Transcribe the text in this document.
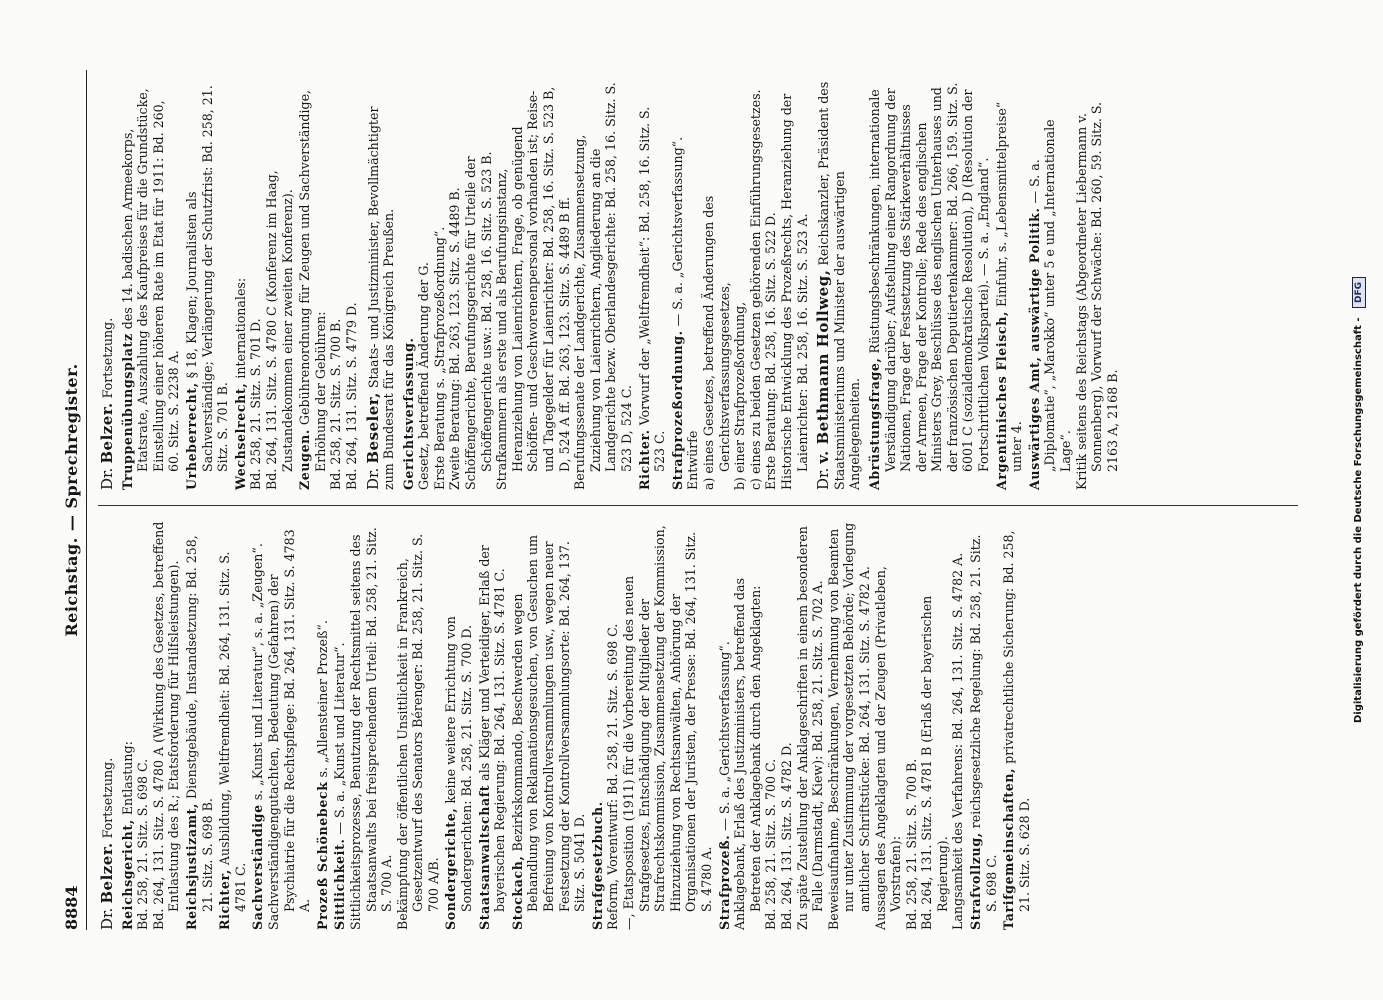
8884
Reichstag. — Sprechregister.
Dr. Belzer. Fortsetzung.
Reichsgericht, Entlastung: Bd. 258, 21. Sitz. S. 698 C. Bd. 264, 131. Sitz. S. 4780 A (Wirkung des Gesetzes, betreffend Entlastung des R.; Etatsforderung für Hilfsleistungen). Reichsjustizamt, Dienstgebäude, Instandsetzung: Bd. 258, 21. Sitz. S. 698 B. Richter, Ausbildung, Weltfremdheit: Bd. 264, 131. Sitz. S. 4781 C. Sachverständige s. „Kunst und Literatur“, s. a. „Zeugen“. Sachverständigengutachten, Bedeutung (Gefahren) der Psychiatrie für die Rechtspflege: Bd. 264, 131. Sitz. S. 4783 A. Prozeß Schönebeck s. „Allensteiner Prozeß“.
Sittlichkeit. — S. a. „Kunst und Literatur“. Sittlichkeitsprozesse, Benutzung der Rechtsmittel seitens des Staatsanwalts bei freisprechendem Urteil: Bd. 258, 21. Sitz. S. 700 A. Bekämpfung der öffentlichen Unsittlichkeit in Frankreich, Gesetzentwurf des Senators Bérenger: Bd. 258, 21. Sitz. S. 700 A/B. Sondergerichte, keine weitere Errichtung von Sondergerichten: Bd. 258, 21. Sitz. S. 700 D. Staatsanwaltschaft als Kläger und Verteidiger, Erlaß der bayerischen Regierung: Bd. 264, 131. Sitz. S. 4781 C. Stockach, Bezirkskommando, Beschwerden wegen Behandlung von Reklamationsgesuchen, von Gesuchen um Befreiung von Kontrollversammlungen usw., wegen neuer Festsetzung der Kontrollversammlungsorte: Bd. 264, 137. Sitz. S. 5041 D. Strafgesetzbuch. Reform, Vorentwurf: Bd. 258, 21. Sitz. S. 698 C. —, Etatsposition (1911) für die Vorbereitung des neuen Strafgesetzes, Entschädigung der Mitglieder der Strafrechtskommission, Zusammensetzung der Kommission, Hinzuziehung von Rechtsanwälten, Anhörung der Organisationen der Juristen, der Presse: Bd. 264, 131. Sitz. S. 4780 A. Strafprozeß. — S. a. „Gerichtsverfassung“. Anklagebank, Erlaß des Justizministers, betreffend das Betreten der Anklagebank durch den Angeklagten: Bd. 258, 21. Sitz. S. 700 C. Bd. 264, 131. Sitz. S. 4782 D. Zu späte Zustellung der Anklageschriften in einem besonderen Falle (Darmstadt, Kiew): Bd. 258, 21. Sitz. S. 702 A. Beweisaufnahme, Beschränkungen, Vernehmung von Beamten nur unter Zustimmung der vorgesetzten Behörde; Vorlegung amtlicher Schriftstücke: Bd. 264, 131. Sitz. S. 4782 A. Aussagen des Angeklagten und der Zeugen (Privatleben, Vorstrafen): Bd. 258, 21. Sitz. S. 700 B. Bd. 264, 131. Sitz. S. 4781 B (Erlaß der bayerischen Regierung). Langsamkeit des Verfahrens: Bd. 264, 131. Sitz. S. 4782 A. Strafvollzug, reichsgesetzliche Regelung: Bd. 258, 21. Sitz. S. 698 C. Tarifgemeinschaften, privatrechtliche Sicherung: Bd. 258, 21. Sitz. S. 628 D.
Dr. Belzer. Fortsetzung. Truppenübungsplatz des 14. badischen Armeekorps, Etatsrate, Auszahlung des Kaufpreises für die Grundstücke, Einstellung einer höheren Rate im Etat für 1911: Bd. 260, 60. Sitz. S. 2238 A. Urheberrecht, § 18, Klagen; Journalisten als Sachverständige; Verlängerung der Schutzfrist: Bd. 258, 21. Sitz. S. 701 B. Wechselrecht, internationales: Bd. 258, 21. Sitz. S. 701 D. Bd. 264, 131. Sitz. S. 4780 C (Konferenz im Haag, Zustandekommen einer zweiten Konferenz). Zeugen. Gebührenordnung für Zeugen und Sachverständige, Erhöhung der Gebühren: Bd. 258, 21. Sitz. S. 700 B. Bd. 264, 131. Sitz. S. 4779 D. Dr. Beseler, Staats- und Justizminister, Bevollmächtigter zum Bundesrat für das Königreich Preußen. Gerichtsverfassung. Gesetz, betreffend Änderung der G. Erste Beratung s. „Strafprozeßordnung“. Zweite Beratung: Bd. 263, 123. Sitz. S. 4489 B. Schöffengerichte, Berufungsgerichte für Urteile der Schöffengerichte usw.: Bd. 258, 16. Sitz. S. 523 B. Strafkammern als erste und als Berufungsinstanz, Heranziehung von Laienrichtern, Frage, ob genügend Schöffen- und Geschworenenpersonal vorhanden ist; Reise- und Tagegelder für Laienrichter: Bd. 258, 16. Sitz. S. 523 B, D, 524 A ff. Bd. 263, 123. Sitz. S. 4489 B ff. Berufungssenate der Landgerichte, Zusammensetzung, Zuziehung von Laienrichtern, Angliederung an die Landgerichte bezw. Oberlandesgerichte: Bd. 258, 16. Sitz. S. 523 D, 524 C. Richter. Vorwurf der „Weltfremdheit“: Bd. 258, 16. Sitz. S. 523 C. Strafprozeßordnung. — S. a. „Gerichtsverfassung“.
Entwürfe a) eines Gesetzes, betreffend Änderungen des Gerichtsverfassungsgesetzes, b) einer Strafprozeßordnung, c) eines zu beiden Gesetzen gehörenden Einführungsgesetzes. Erste Beratung: Bd. 258, 16. Sitz. S. 522 D. Historische Entwicklung des Prozeßrechts, Heranziehung der Laienrichter: Bd. 258, 16. Sitz. S. 523 A.
Dr. v. Bethmann Hollweg, Reichskanzler, Präsident des Staatsministeriums und Minister der auswärtigen Angelegenheiten. Abrüstungsfrage, Rüstungsbeschränkungen, internationale Verständigung darüber; Aufstellung einer Rangordnung der Nationen, Frage der Festsetzung des Stärkeverhältnisses der Armeen, Frage der Kontrolle; Rede des englischen Ministers Grey, Beschlüsse des englischen Unterhauses und der französischen Deputiertenkammer: Bd. 266, 159. Sitz. S. 6001 C (sozialdemokratische Resolution), D (Resolution der Fortschrittlichen Volkspartei). — S. a. „England“. Argentinisches Fleisch, Einfuhr, s. „Lebensmittelpreise“ unter 4. Auswärtiges Amt, auswärtige Politik. — S. a. „Diplomatie“, „Marokko“ unter 5 e und „Internationale Lage“. Kritik seitens des Reichstags (Abgeordneter Liebermann v. Sonnenberg), Vorwurf der Schwäche: Bd. 260, 59. Sitz. S. 2163 A, 2168 B.	Digitalisierung gefördert durch die Deutsche Forschungsgemeinschaft - DFG
